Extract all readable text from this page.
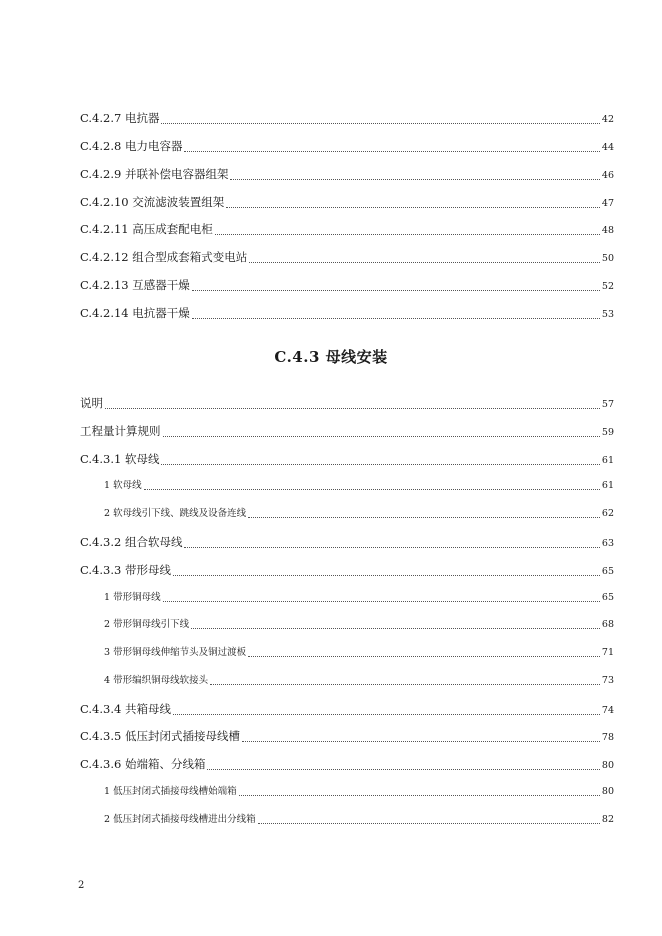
C.4.2.7 电抗器	42
C.4.2.8 电力电容器	44
C.4.2.9 并联补偿电容器组架	46
C.4.2.10 交流滤波装置组架	47
C.4.2.11 高压成套配电柜	48
C.4.2.12 组合型成套箱式变电站	50
C.4.2.13 互感器干燥	52
C.4.2.14 电抗器干燥	53
C.4.3 母线安装
说明	57
工程量计算规则	59
C.4.3.1 软母线	61
1 软母线	61
2 软母线引下线、跳线及设备连线	62
C.4.3.2 组合软母线	63
C.4.3.3 带形母线	65
1 带形铜母线	65
2 带形铜母线引下线	68
3 带形铜母线伸缩节头及铜过渡板	71
4 带形编织铜母线软接头	73
C.4.3.4 共箱母线	74
C.4.3.5 低压封闭式插接母线槽	78
C.4.3.6 始端箱、分线箱	80
1 低压封闭式插接母线槽始端箱	80
2 低压封闭式插接母线槽进出分线箱	82
2
